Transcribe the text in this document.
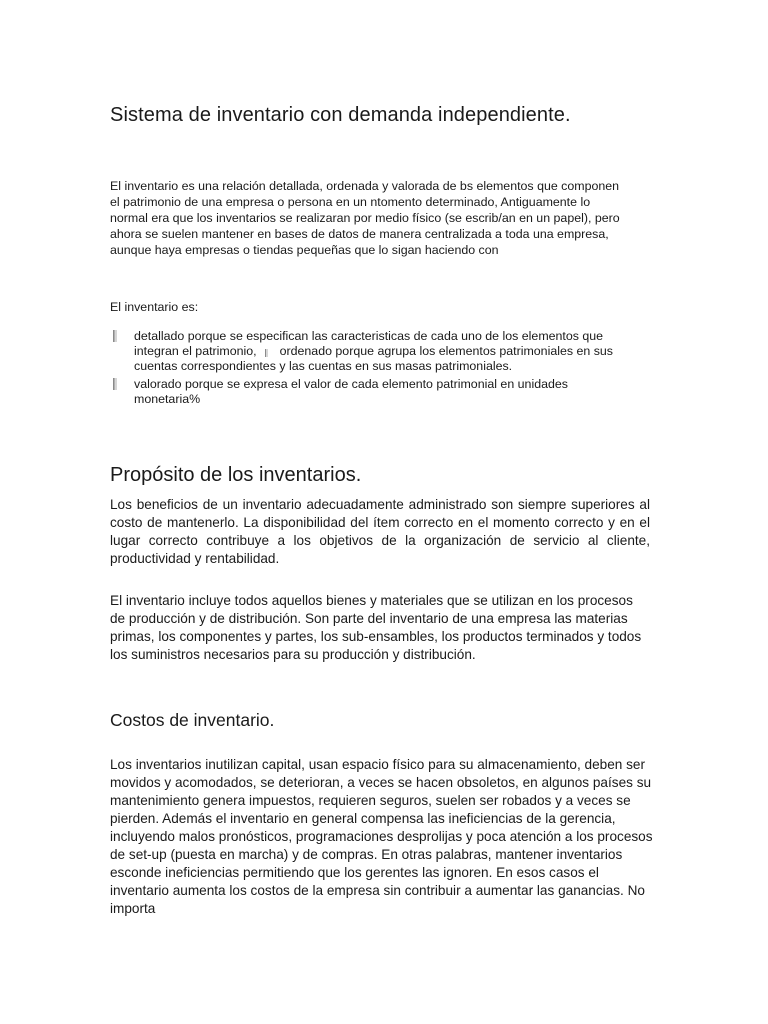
Sistema de inventario con demanda independiente.

El inventario es una relación detallada, ordenada y valorada de bs elementos que componen el patrimonio de una empresa o persona en un ntomento determinado, Antiguamente lo normal era que los inventarios se realizaran por medio físico (se escrib/an en un papel), pero ahora se suelen mantener en bases de datos de manera centralizada a toda una empresa, aunque haya empresas o tiendas pequeñas que lo sigan haciendo con

El inventario es:

detallado porque se especifican las caracteristicas de cada uno de los elementos que integran el patrimonio, ordenado porque agrupa los elementos patrimoniales en sus cuentas correspondientes y las cuentas en sus masas patrimoniales.
valorado porque se expresa el valor de cada elemento patrimonial en unidades monetaria%
Propósito de los inventarios.

Los beneficios de un inventario adecuadamente administrado son siempre superiores al costo de mantenerlo. La disponibilidad del ítem correcto en el momento correcto y en el lugar correcto contribuye a los objetivos de la organización de servicio al cliente, productividad y rentabilidad.

El inventario incluye todos aquellos bienes y materiales que se utilizan en los procesos de producción y de distribución. Son parte del inventario de una empresa las materias primas, los componentes y partes, los sub-ensambles, los productos terminados y todos los suministros necesarios para su producción y distribución.

Costos de inventario.

Los inventarios inutilizan capital, usan espacio físico para su almacenamiento, deben ser movidos y acomodados, se deterioran, a veces se hacen obsoletos, en algunos países su mantenimiento genera impuestos, requieren seguros, suelen ser robados y a veces se pierden. Además el inventario en general compensa las ineficiencias de la gerencia, incluyendo malos pronósticos, programaciones desprolijas y poca atención a los procesos de set-up (puesta en marcha) y de compras. En otras palabras, mantener inventarios esconde ineficiencias permitiendo que los gerentes las ignoren. En esos casos el inventario aumenta los costos de la empresa sin contribuir a aumentar las ganancias. No importa
